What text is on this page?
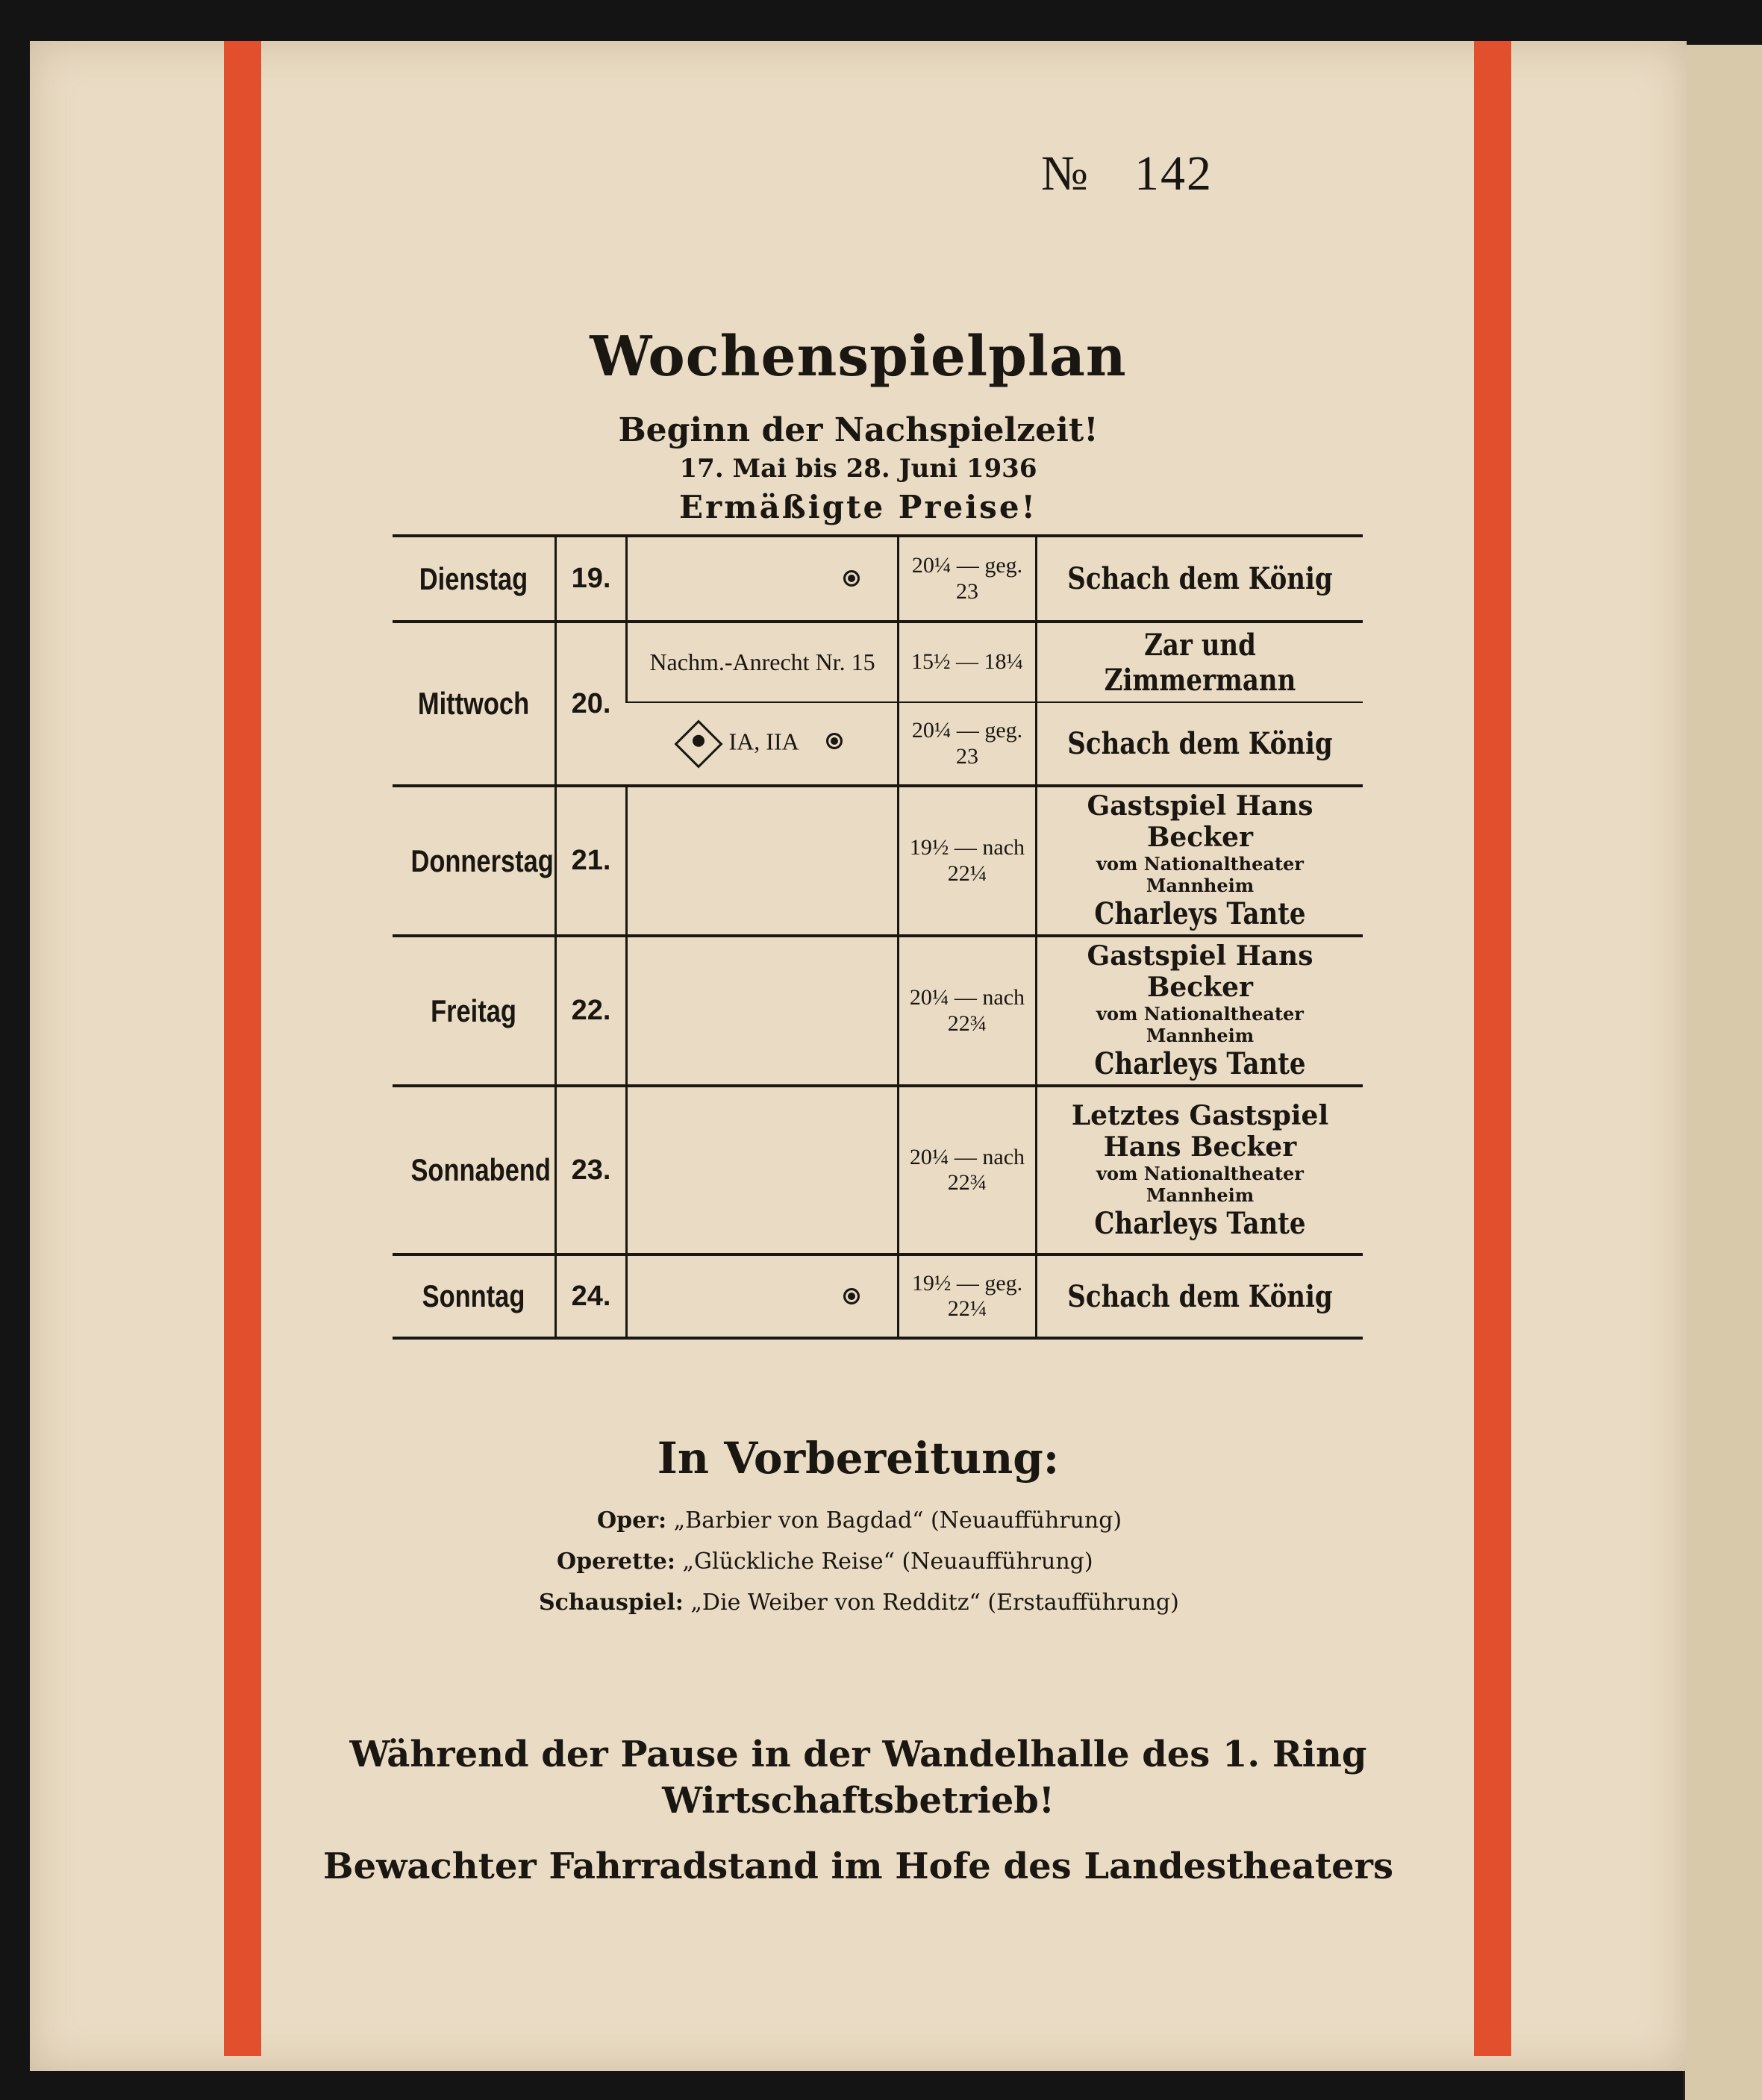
№ 142
Wochenspielplan
Beginn der Nachspielzeit!
17. Mai bis 28. Juni 1936
Ermäßigte Preise!
Dienstag	19.		20¼ — geg. 23	Schach dem König

Mittwoch	20.	Nachm.-Anrecht Nr. 15	15½ — 18¼	Zar und Zimmermann

		IA, IIA	20¼ — geg. 23	Schach dem König

Donnerstag	21.		19½ — nach 22¼	Gastspiel Hans Becker
vom Nationaltheater Mannheim
Charleys Tante

Freitag	22.		20¼ — nach 22¾	Gastspiel Hans Becker
vom Nationaltheater Mannheim
Charleys Tante

Sonnabend	23.		20¼ — nach 22¾	Letztes Gastspiel
Hans Becker
vom Nationaltheater Mannheim
Charleys Tante

Sonntag	24.		19½ — geg. 22¼	Schach dem König
In Vorbereitung:
Oper: „Barbier von Bagdad“ (Neuaufführung)
Operette: „Glückliche Reise“ (Neuaufführung)
Schauspiel: „Die Weiber von Redditz“ (Erstaufführung)
Während der Pause in der Wandelhalle des 1. Ring
Wirtschaftsbetrieb!
Bewachter Fahrradstand im Hofe des Landestheaters
